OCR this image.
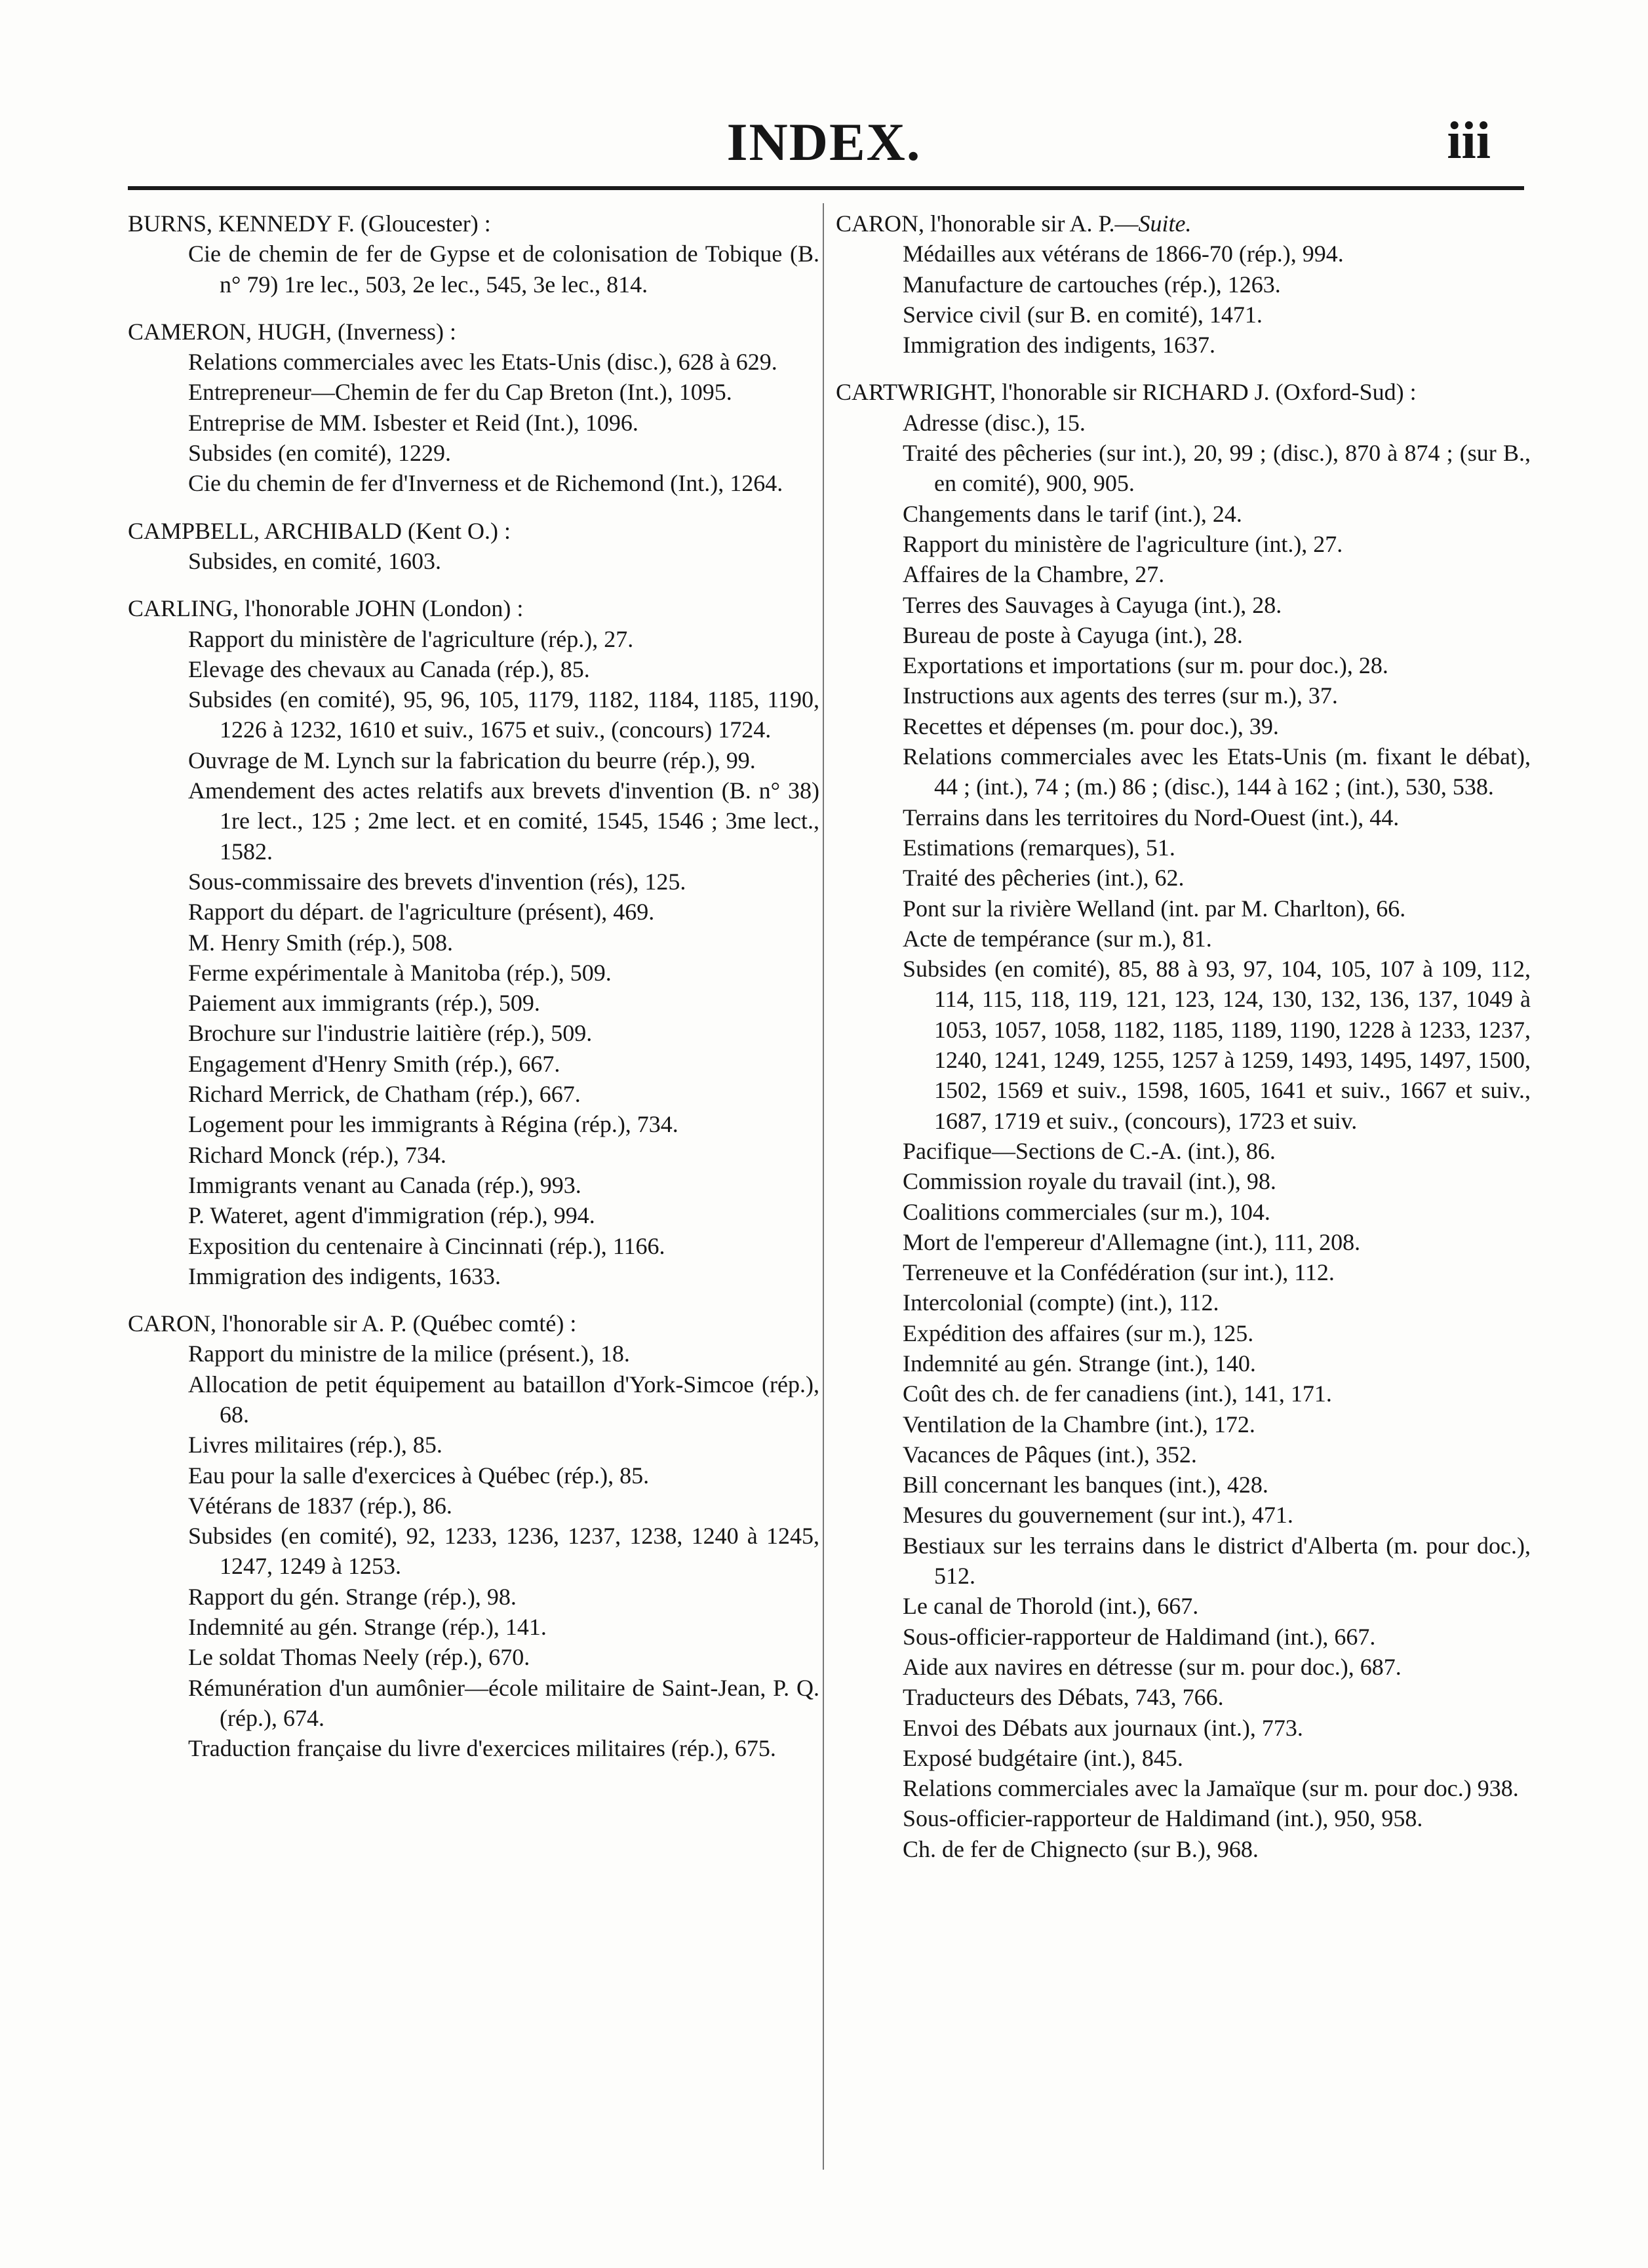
INDEX.	iii
BURNS, KENNEDY F. (Gloucester) :
Cie de chemin de fer de Gypse et de colonisation de Tobique (B. n° 79) 1re lec., 503, 2e lec., 545, 3e lec., 814.
CAMERON, HUGH, (Inverness) :
Relations commerciales avec les Etats-Unis (disc.), 628 à 629.
Entrepreneur—Chemin de fer du Cap Breton (Int.), 1095.
Entreprise de MM. Isbester et Reid (Int.), 1096.
Subsides (en comité), 1229.
Cie du chemin de fer d'Inverness et de Richemond (Int.), 1264.
CAMPBELL, ARCHIBALD (Kent O.) :
Subsides, en comité, 1603.
CARLING, l'honorable JOHN (London) :
Rapport du ministère de l'agriculture (rép.), 27.
Elevage des chevaux au Canada (rép.), 85.
Subsides (en comité), 95, 96, 105, 1179, 1182, 1184, 1185, 1190, 1226 à 1232, 1610 et suiv., 1675 et suiv., (concours) 1724.
Ouvrage de M. Lynch sur la fabrication du beurre (rép.), 99.
Amendement des actes relatifs aux brevets d'invention (B. n° 38) 1re lect., 125 ; 2me lect. et en comité, 1545, 1546 ; 3me lect., 1582.
Sous-commissaire des brevets d'invention (rés), 125.
Rapport du départ. de l'agriculture (présent), 469.
M. Henry Smith (rép.), 508.
Ferme expérimentale à Manitoba (rép.), 509.
Paiement aux immigrants (rép.), 509.
Brochure sur l'industrie laitière (rép.), 509.
Engagement d'Henry Smith (rép.), 667.
Richard Merrick, de Chatham (rép.), 667.
Logement pour les immigrants à Régina (rép.), 734.
Richard Monck (rép.), 734.
Immigrants venant au Canada (rép.), 993.
P. Wateret, agent d'immigration (rép.), 994.
Exposition du centenaire à Cincinnati (rép.), 1166.
Immigration des indigents, 1633.
CARON, l'honorable sir A. P. (Québec comté) :
Rapport du ministre de la milice (présent.), 18.
Allocation de petit équipement au bataillon d'York-Simcoe (rép.), 68.
Livres militaires (rép.), 85.
Eau pour la salle d'exercices à Québec (rép.), 85.
Vétérans de 1837 (rép.), 86.
Subsides (en comité), 92, 1233, 1236, 1237, 1238, 1240 à 1245, 1247, 1249 à 1253.
Rapport du gén. Strange (rép.), 98.
Indemnité au gén. Strange (rép.), 141.
Le soldat Thomas Neely (rép.), 670.
Rémunération d'un aumônier—école militaire de Saint-Jean, P. Q. (rép.), 674.
Traduction française du livre d'exercices militaires (rép.), 675.
CARON, l'honorable sir A. P.—Suite.
Médailles aux vétérans de 1866-70 (rép.), 994.
Manufacture de cartouches (rép.), 1263.
Service civil (sur B. en comité), 1471.
Immigration des indigents, 1637.
CARTWRIGHT, l'honorable sir RICHARD J. (Oxford-Sud) :
Adresse (disc.), 15.
Traité des pêcheries (sur int.), 20, 99 ; (disc.), 870 à 874 ; (sur B., en comité), 900, 905.
Changements dans le tarif (int.), 24.
Rapport du ministère de l'agriculture (int.), 27.
Affaires de la Chambre, 27.
Terres des Sauvages à Cayuga (int.), 28.
Bureau de poste à Cayuga (int.), 28.
Exportations et importations (sur m. pour doc.), 28.
Instructions aux agents des terres (sur m.), 37.
Recettes et dépenses (m. pour doc.), 39.
Relations commerciales avec les Etats-Unis (m. fixant le débat), 44 ; (int.), 74 ; (m.) 86 ; (disc.), 144 à 162 ; (int.), 530, 538.
Terrains dans les territoires du Nord-Ouest (int.), 44.
Estimations (remarques), 51.
Traité des pêcheries (int.), 62.
Pont sur la rivière Welland (int. par M. Charlton), 66.
Acte de tempérance (sur m.), 81.
Subsides (en comité), 85, 88 à 93, 97, 104, 105, 107 à 109, 112, 114, 115, 118, 119, 121, 123, 124, 130, 132, 136, 137, 1049 à 1053, 1057, 1058, 1182, 1185, 1189, 1190, 1228 à 1233, 1237, 1240, 1241, 1249, 1255, 1257 à 1259, 1493, 1495, 1497, 1500, 1502, 1569 et suiv., 1598, 1605, 1641 et suiv., 1667 et suiv., 1687, 1719 et suiv., (concours), 1723 et suiv.
Pacifique—Sections de C.-A. (int.), 86.
Commission royale du travail (int.), 98.
Coalitions commerciales (sur m.), 104.
Mort de l'empereur d'Allemagne (int.), 111, 208.
Terreneuve et la Confédération (sur int.), 112.
Intercolonial (compte) (int.), 112.
Expédition des affaires (sur m.), 125.
Indemnité au gén. Strange (int.), 140.
Coût des ch. de fer canadiens (int.), 141, 171.
Ventilation de la Chambre (int.), 172.
Vacances de Pâques (int.), 352.
Bill concernant les banques (int.), 428.
Mesures du gouvernement (sur int.), 471.
Bestiaux sur les terrains dans le district d'Alberta (m. pour doc.), 512.
Le canal de Thorold (int.), 667.
Sous-officier-rapporteur de Haldimand (int.), 667.
Aide aux navires en détresse (sur m. pour doc.), 687.
Traducteurs des Débats, 743, 766.
Envoi des Débats aux journaux (int.), 773.
Exposé budgétaire (int.), 845.
Relations commerciales avec la Jamaïque (sur m. pour doc.) 938.
Sous-officier-rapporteur de Haldimand (int.), 950, 958.
Ch. de fer de Chignecto (sur B.), 968.
